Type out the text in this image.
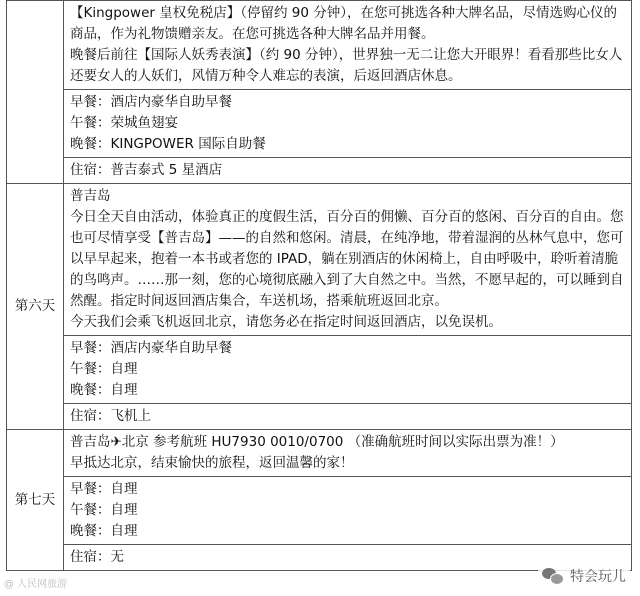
	【Kingpower 皇权免税店】（停留约 90 分钟），在您可挑选各种大牌名品，尽情选购心仪的商品，作为礼物馈赠亲友。在您可挑选各种大牌名品并用餐。
晚餐后前往【国际人妖秀表演】（约 90 分钟），世界独一无二让您大开眼界！看看那些比女人还要女人的人妖们，风情万种令人难忘的表演，后返回酒店休息。

	早餐：酒店内豪华自助早餐
午餐：荣城鱼翅宴
晚餐：KINGPOWER 国际自助餐

	住宿：普吉泰式 5 星酒店
第六天	普吉岛
今日全天自由活动，体验真正的度假生活，百分百的佣懒、百分百的悠闲、百分百的自由。您也可尽情享受【普吉岛】——的自然和悠闲。清晨，在纯净地，带着湿润的丛林气息中，您可以早早起来，抱着一本书或者您的 IPAD，躺在别酒店的休闲椅上，自由呼吸中，聆听着清脆的鸟鸣声。……那一刻，您的心境彻底融入到了大自然之中。当然，不愿早起的，可以睡到自然醒。指定时间返回酒店集合，车送机场，搭乘航班返回北京。
今天我们会乘飞机返回北京，请您务必在指定时间返回酒店，以免误机。

	早餐：酒店内豪华自助早餐
午餐：自理
晚餐：自理

	住宿：飞机上
第七天	普吉岛✈北京 参考航班 HU7930 0010/0700 （准确航班时间以实际出票为准！）
早抵达北京，结束愉快的旅程，返回温馨的家！

	早餐：自理
午餐：自理
晚餐：自理

	住宿：无
@ 人民网旅游	特会玩儿
